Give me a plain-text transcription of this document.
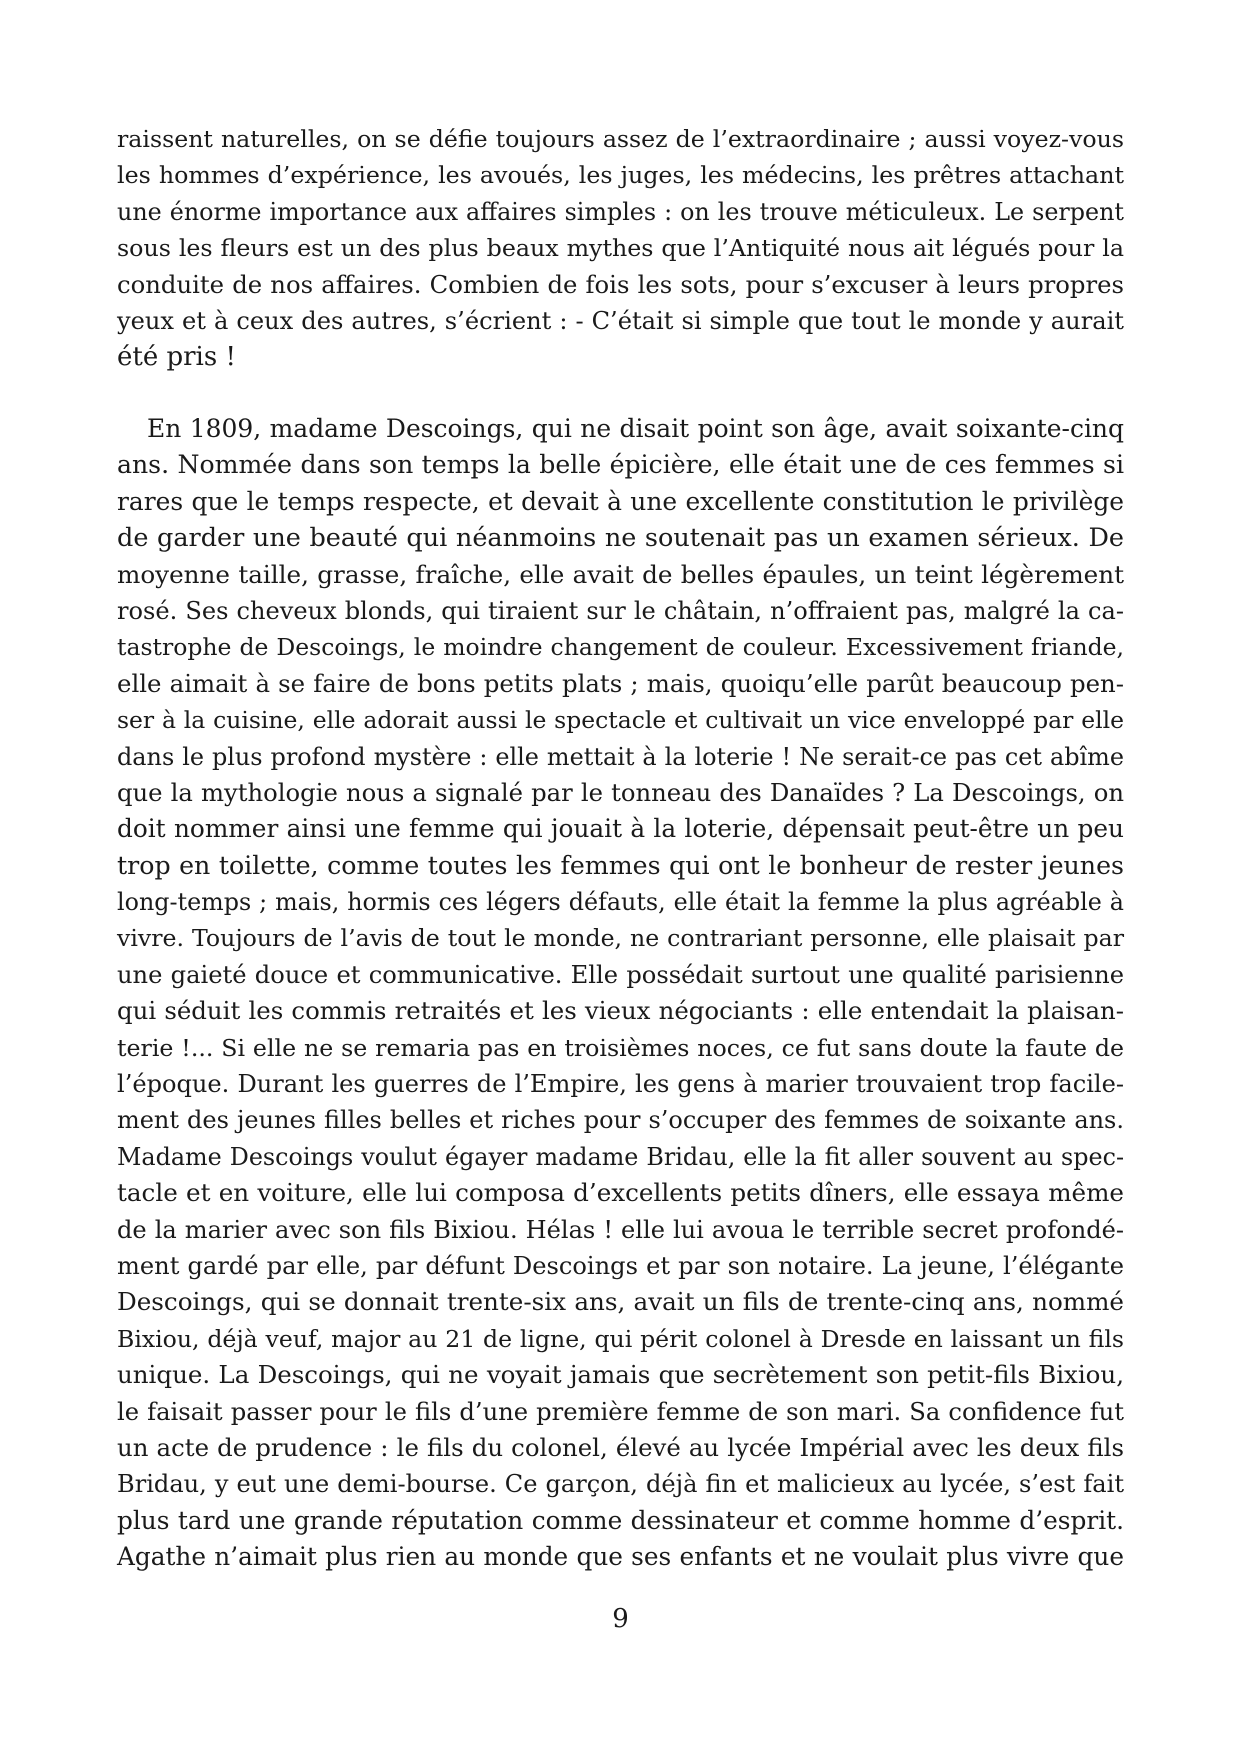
raissent naturelles, on se défie toujours assez de l’extraordinaire ; aussi voyez-vous
les hommes d’expérience, les avoués, les juges, les médecins, les prêtres attachant
une énorme importance aux affaires simples : on les trouve méticuleux. Le serpent
sous les fleurs est un des plus beaux mythes que l’Antiquité nous ait légués pour la
conduite de nos affaires. Combien de fois les sots, pour s’excuser à leurs propres
yeux et à ceux des autres, s’écrient : - C’était si simple que tout le monde y aurait
été pris !
En 1809, madame Descoings, qui ne disait point son âge, avait soixante-cinq
ans. Nommée dans son temps la belle épicière, elle était une de ces femmes si
rares que le temps respecte, et devait à une excellente constitution le privilège
de garder une beauté qui néanmoins ne soutenait pas un examen sérieux. De
moyenne taille, grasse, fraîche, elle avait de belles épaules, un teint légèrement
rosé. Ses cheveux blonds, qui tiraient sur le châtain, n’offraient pas, malgré la ca-
tastrophe de Descoings, le moindre changement de couleur. Excessivement friande,
elle aimait à se faire de bons petits plats ; mais, quoiqu’elle parût beaucoup pen-
ser à la cuisine, elle adorait aussi le spectacle et cultivait un vice enveloppé par elle
dans le plus profond mystère : elle mettait à la loterie ! Ne serait-ce pas cet abîme
que la mythologie nous a signalé par le tonneau des Danaïdes ? La Descoings, on
doit nommer ainsi une femme qui jouait à la loterie, dépensait peut-être un peu
trop en toilette, comme toutes les femmes qui ont le bonheur de rester jeunes
long-temps ; mais, hormis ces légers défauts, elle était la femme la plus agréable à
vivre. Toujours de l’avis de tout le monde, ne contrariant personne, elle plaisait par
une gaieté douce et communicative. Elle possédait surtout une qualité parisienne
qui séduit les commis retraités et les vieux négociants : elle entendait la plaisan-
terie !... Si elle ne se remaria pas en troisièmes noces, ce fut sans doute la faute de
l’époque. Durant les guerres de l’Empire, les gens à marier trouvaient trop facile-
ment des jeunes filles belles et riches pour s’occuper des femmes de soixante ans.
Madame Descoings voulut égayer madame Bridau, elle la fit aller souvent au spec-
tacle et en voiture, elle lui composa d’excellents petits dîners, elle essaya même
de la marier avec son fils Bixiou. Hélas ! elle lui avoua le terrible secret profondé-
ment gardé par elle, par défunt Descoings et par son notaire. La jeune, l’élégante
Descoings, qui se donnait trente-six ans, avait un fils de trente-cinq ans, nommé
Bixiou, déjà veuf, major au 21 de ligne, qui périt colonel à Dresde en laissant un fils
unique. La Descoings, qui ne voyait jamais que secrètement son petit-fils Bixiou,
le faisait passer pour le fils d’une première femme de son mari. Sa confidence fut
un acte de prudence : le fils du colonel, élevé au lycée Impérial avec les deux fils
Bridau, y eut une demi-bourse. Ce garçon, déjà fin et malicieux au lycée, s’est fait
plus tard une grande réputation comme dessinateur et comme homme d’esprit.
Agathe n’aimait plus rien au monde que ses enfants et ne voulait plus vivre que
9
